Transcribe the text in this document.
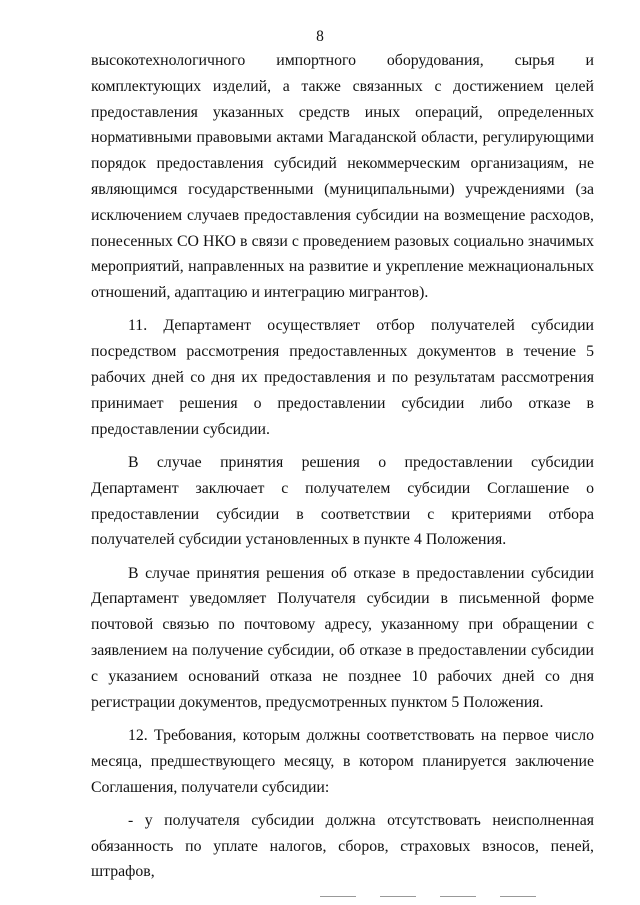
8

высокотехнологичного импортного оборудования, сырья и комплектующих изделий, а также связанных с достижением целей предоставления указанных средств иных операций, определенных нормативными правовыми актами Магаданской области, регулирующими порядок предоставления субсидий некоммерческим организациям, не являющимся государственными (муниципальными) учреждениями (за исключением случаев предоставления субсидии на возмещение расходов, понесенных СО НКО в связи с проведением разовых социально значимых мероприятий, направленных на развитие и укрепление межнациональных отношений, адаптацию и интеграцию мигрантов).

11. Департамент осуществляет отбор получателей субсидии посредством рассмотрения предоставленных документов в течение 5 рабочих дней со дня их предоставления и по результатам рассмотрения принимает решения о предоставлении субсидии либо отказе в предоставлении субсидии.

В случае принятия решения о предоставлении субсидии Департамент заключает с получателем субсидии Соглашение о предоставлении субсидии в соответствии с критериями отбора получателей субсидии установленных в пункте 4 Положения.

В случае принятия решения об отказе в предоставлении субсидии Департамент уведомляет Получателя субсидии в письменной форме почтовой связью по почтовому адресу, указанному при обращении с заявлением на получение субсидии, об отказе в предоставлении субсидии с указанием оснований отказа не позднее 10 рабочих дней со дня регистрации документов, предусмотренных пунктом 5 Положения.

12. Требования, которым должны соответствовать на первое число месяца, предшествующего месяцу, в котором планируется заключение Соглашения, получатели субсидии:

- у получателя субсидии должна отсутствовать неисполненная обязанность по уплате налогов, сборов, страховых взносов, пеней, штрафов,
